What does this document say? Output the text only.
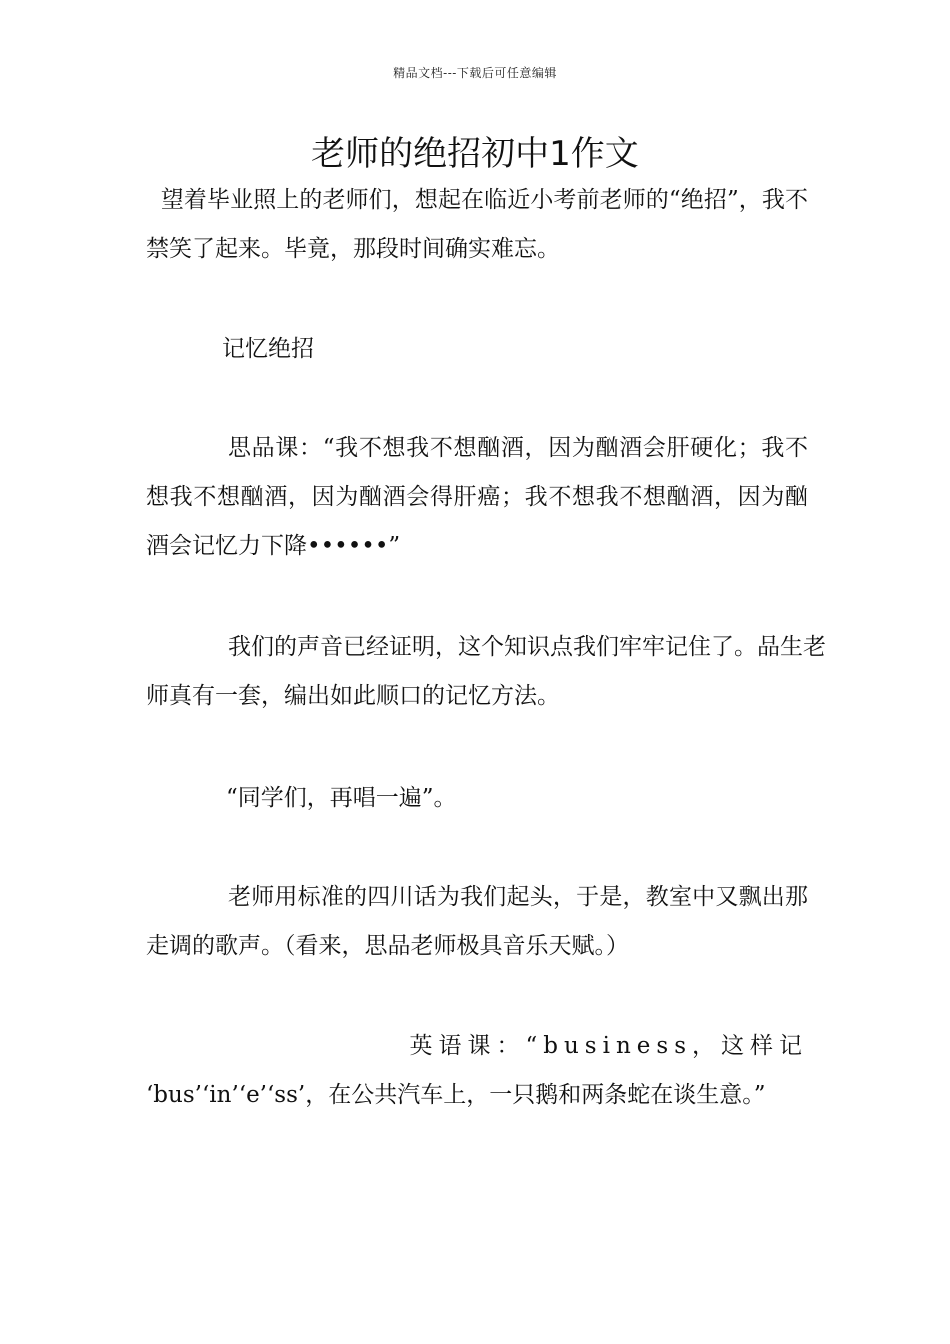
精品文档---下载后可任意编辑
老师的绝招初中1作文

望着毕业照上的老师们，想起在临近小考前老师的“绝招”，我不禁笑了起来。毕竟，那段时间确实难忘。

记忆绝招

思品课：“我不想我不想酗酒，因为酗酒会肝硬化；我不想我不想酗酒，因为酗酒会得肝癌；我不想我不想酗酒，因为酗酒会记忆力下降••••••”

我们的声音已经证明，这个知识点我们牢牢记住了。品生老师真有一套，编出如此顺口的记忆方法。

“同学们，再唱一遍”。

老师用标准的四川话为我们起头，于是，教室中又飘出那走调的歌声。（看来，思品老师极具音乐天赋。）

英语课：“business，这样记
‘bus’‘in’‘e’‘ss’，在公共汽车上，一只鹅和两条蛇在谈生意。”
